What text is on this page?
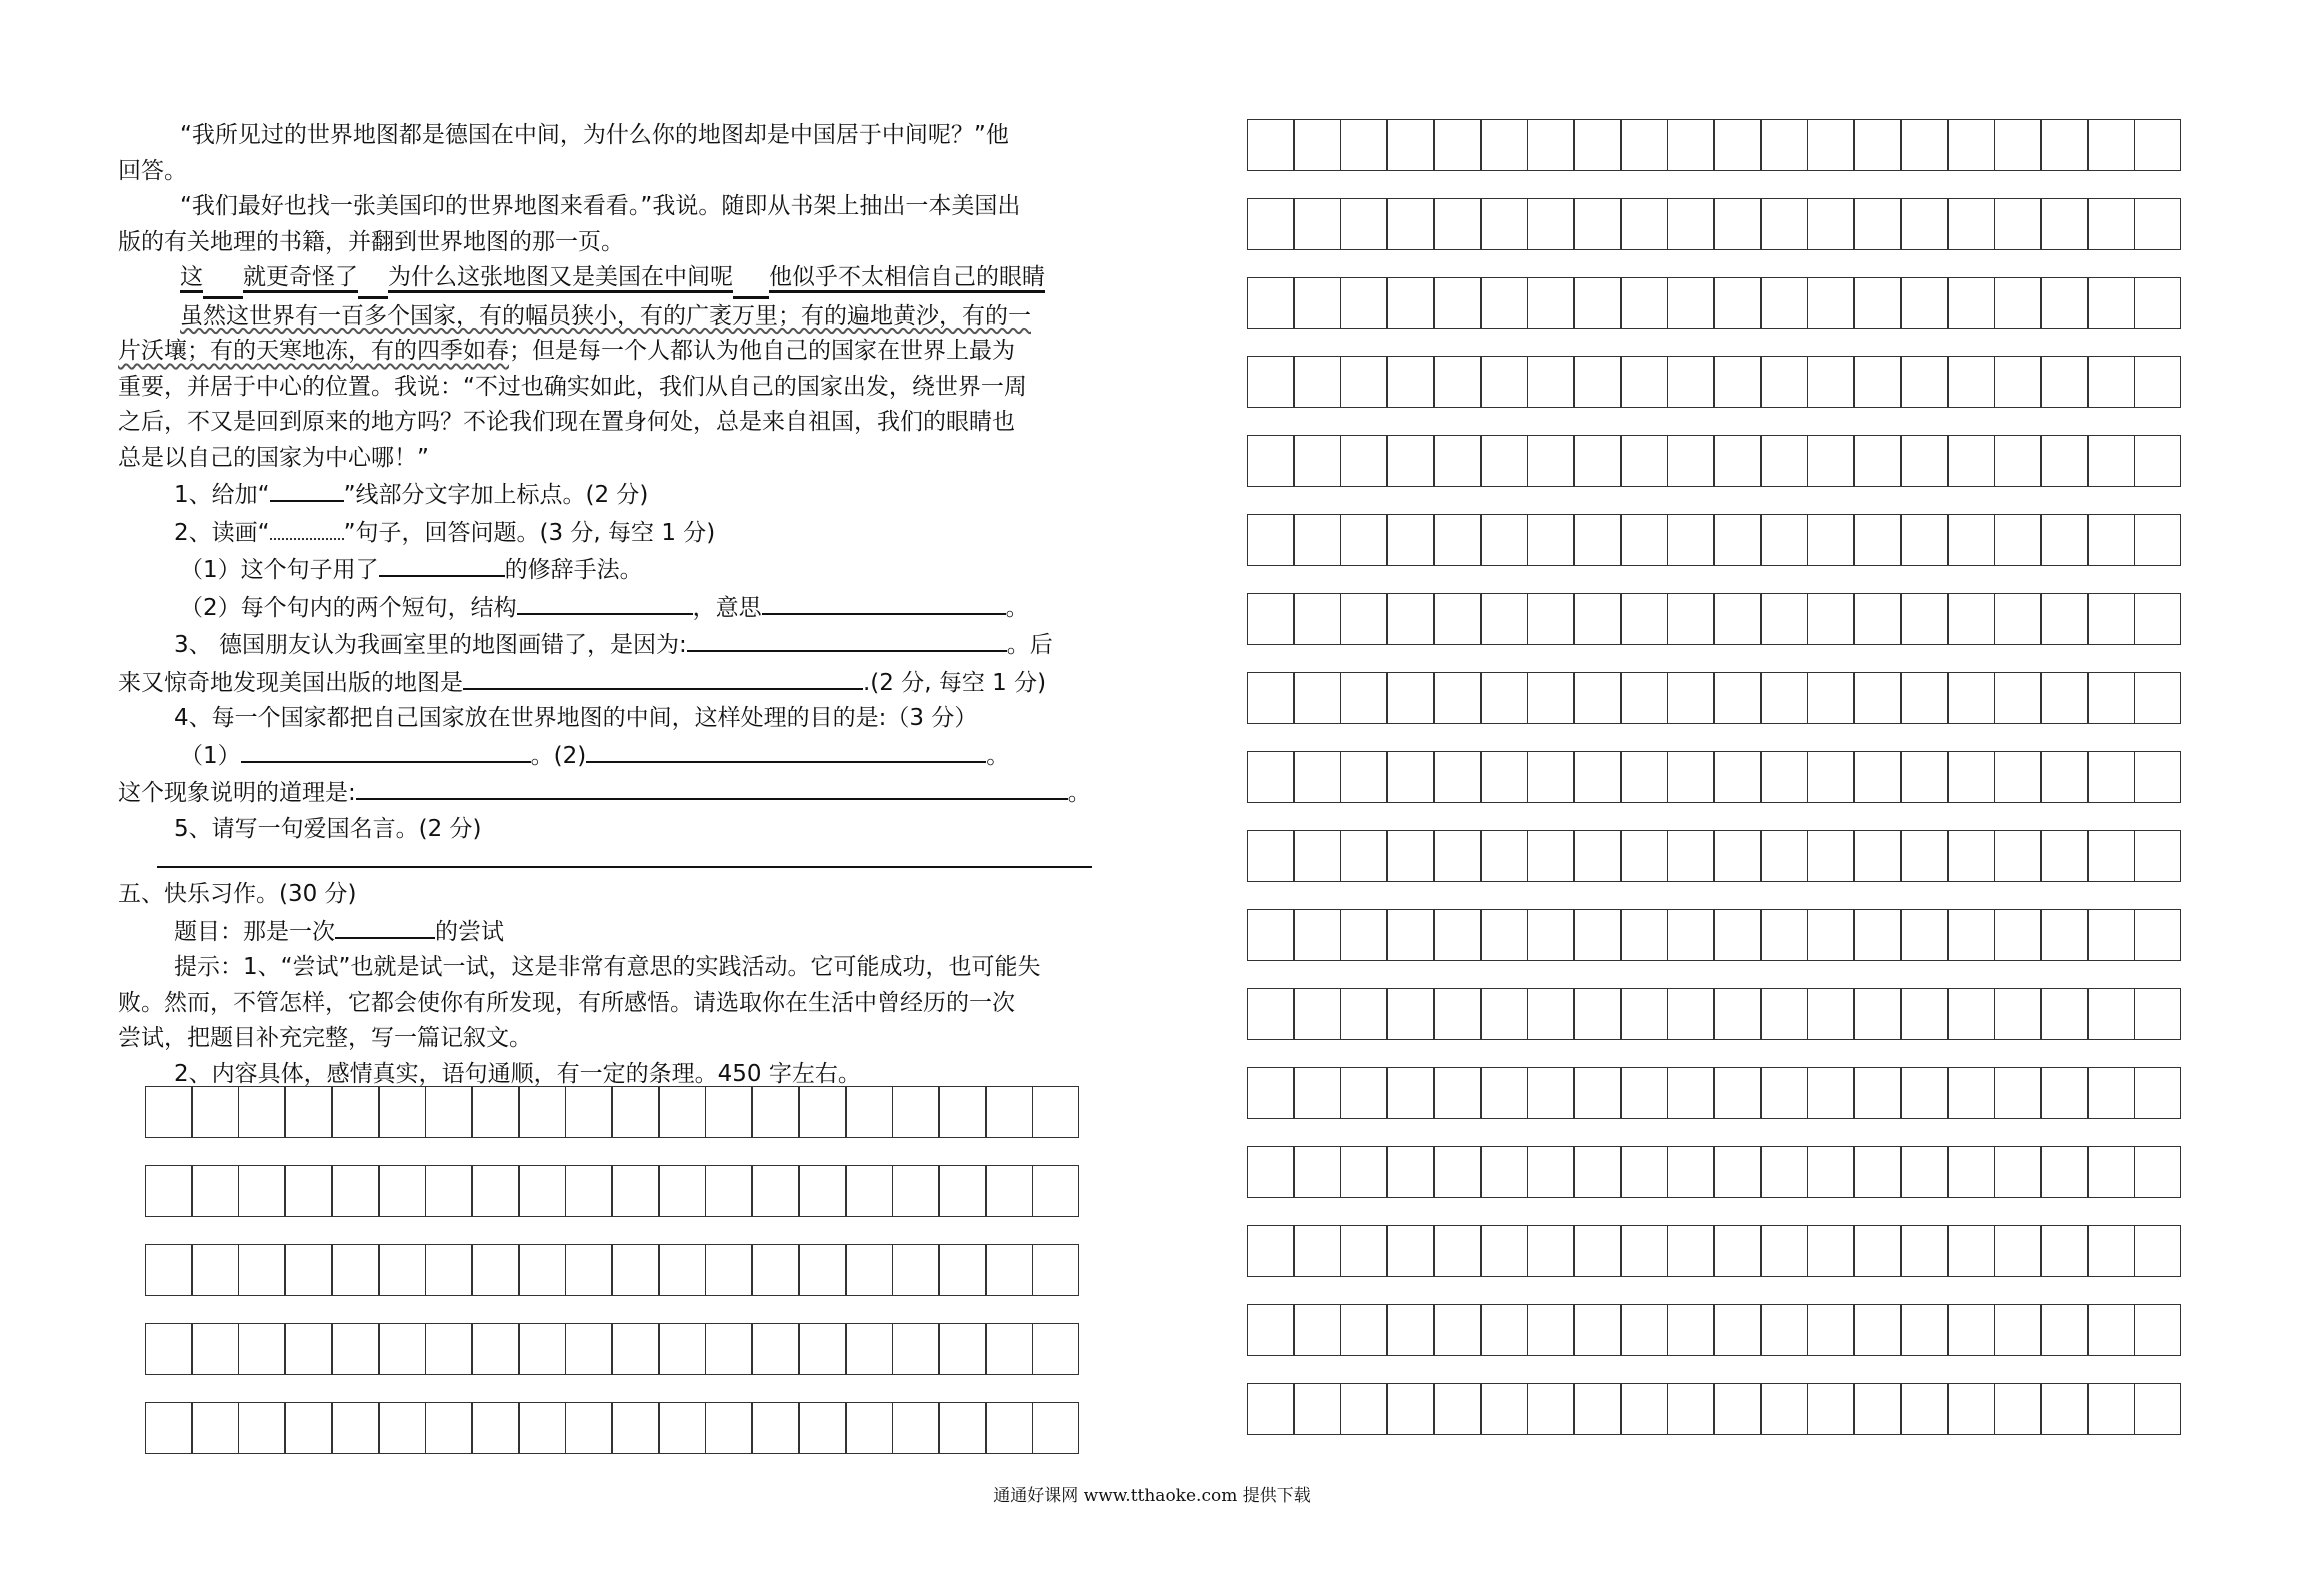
“我所见过的世界地图都是德国在中间，为什么你的地图却是中国居于中间呢？”他

回答。

“我们最好也找一张美国印的世界地图来看看。”我说。随即从书架上抽出一本美国出

版的有关地理的书籍，并翻到世界地图的那一页。

这 就更奇怪了 为什么这张地图又是美国在中间呢 他似乎不太相信自己的眼睛

虽然这世界有一百多个国家，有的幅员狭小，有的广袤万里；有的遍地黄沙，有的一

片沃壤；有的天寒地冻，有的四季如春；但是每一个人都认为他自己的国家在世界上最为

重要，并居于中心的位置。我说：“不过也确实如此，我们从自己的国家出发，绕世界一周

之后，不又是回到原来的地方吗？不论我们现在置身何处，总是来自祖国，我们的眼睛也

总是以自己的国家为中心哪！”

1、给加“	”线部分文字加上标点。(2 分)

2、读画“	”句子，回答问题。(3 分, 每空 1 分)

（1）这个句子用了	的修辞手法。

（2）每个句内的两个短句，结构	，意思	。

3、 德国朋友认为我画室里的地图画错了，是因为:	。后

来又惊奇地发现美国出版的地图是	.(2 分, 每空 1 分)

4、每一个国家都把自己国家放在世界地图的中间，这样处理的目的是:（3 分）

（1）	。(2)	。

这个现象说明的道理是:	。

5、请写一句爱国名言。(2 分)

五、快乐习作。(30 分)

题目：那是一次	的尝试

提示：1、“尝试”也就是试一试，这是非常有意思的实践活动。它可能成功，也可能失

败。然而，不管怎样，它都会使你有所发现，有所感悟。请选取你在生活中曾经历的一次

尝试，把题目补充完整，写一篇记叙文。

2、内容具体，感情真实，语句通顺，有一定的条理。450 字左右。

通通好课网 www.tthaoke.com 提供下载
